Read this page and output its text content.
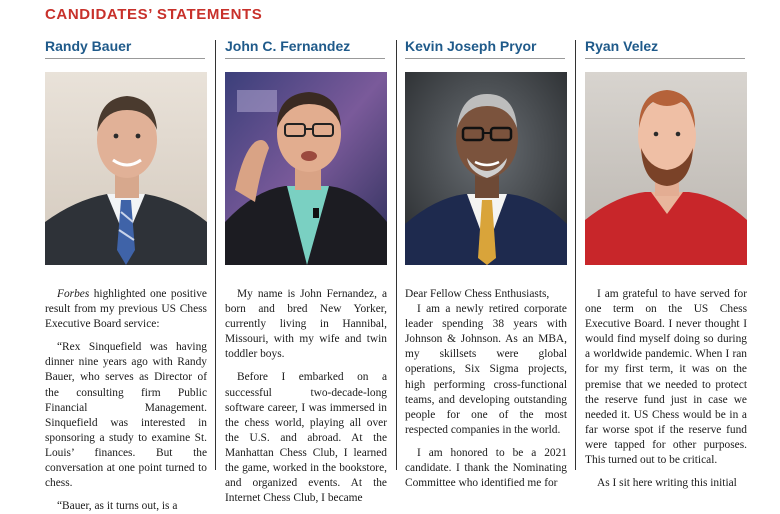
CANDIDATES’ STATEMENTS
Randy Bauer

Forbes highlighted one positive result from my previous US Chess Executive Board service:

“Rex Sinquefield was having dinner nine years ago with Randy Bauer, who serves as Director of the consulting firm Public Financial Management. Sinquefield was interested in sponsoring a study to examine St. Louis’ finances. But the conversation at one point turned to chess.

“Bauer, as it turns out, is a

John C. Fernandez

My name is John Fernandez, a born and bred New Yorker, currently living in Hannibal, Missouri, with my wife and twin toddler boys.

Before I embarked on a successful two-decade-long software career, I was immersed in the chess world, playing all over the U.S. and abroad. At the Manhattan Chess Club, I learned the game, worked in the bookstore, and organized events. At the Internet Chess Club, I became

Kevin Joseph Pryor

Dear Fellow Chess Enthusiasts,

I am a newly retired corporate leader spending 38 years with Johnson & Johnson. As an MBA, my skillsets were global operations, Six Sigma projects, high performing cross-functional teams, and developing outstanding people for one of the most respected companies in the world.

I am honored to be a 2021 candidate. I thank the Nominating Committee who identified me for

Ryan Velez

I am grateful to have served for one term on the US Chess Executive Board. I never thought I would find myself doing so during a worldwide pandemic. When I ran for my first term, it was on the premise that we needed to protect the reserve fund just in case we needed it. US Chess would be in a far worse spot if the reserve fund were tapped for other purposes. This turned out to be critical.

As I sit here writing this initial
